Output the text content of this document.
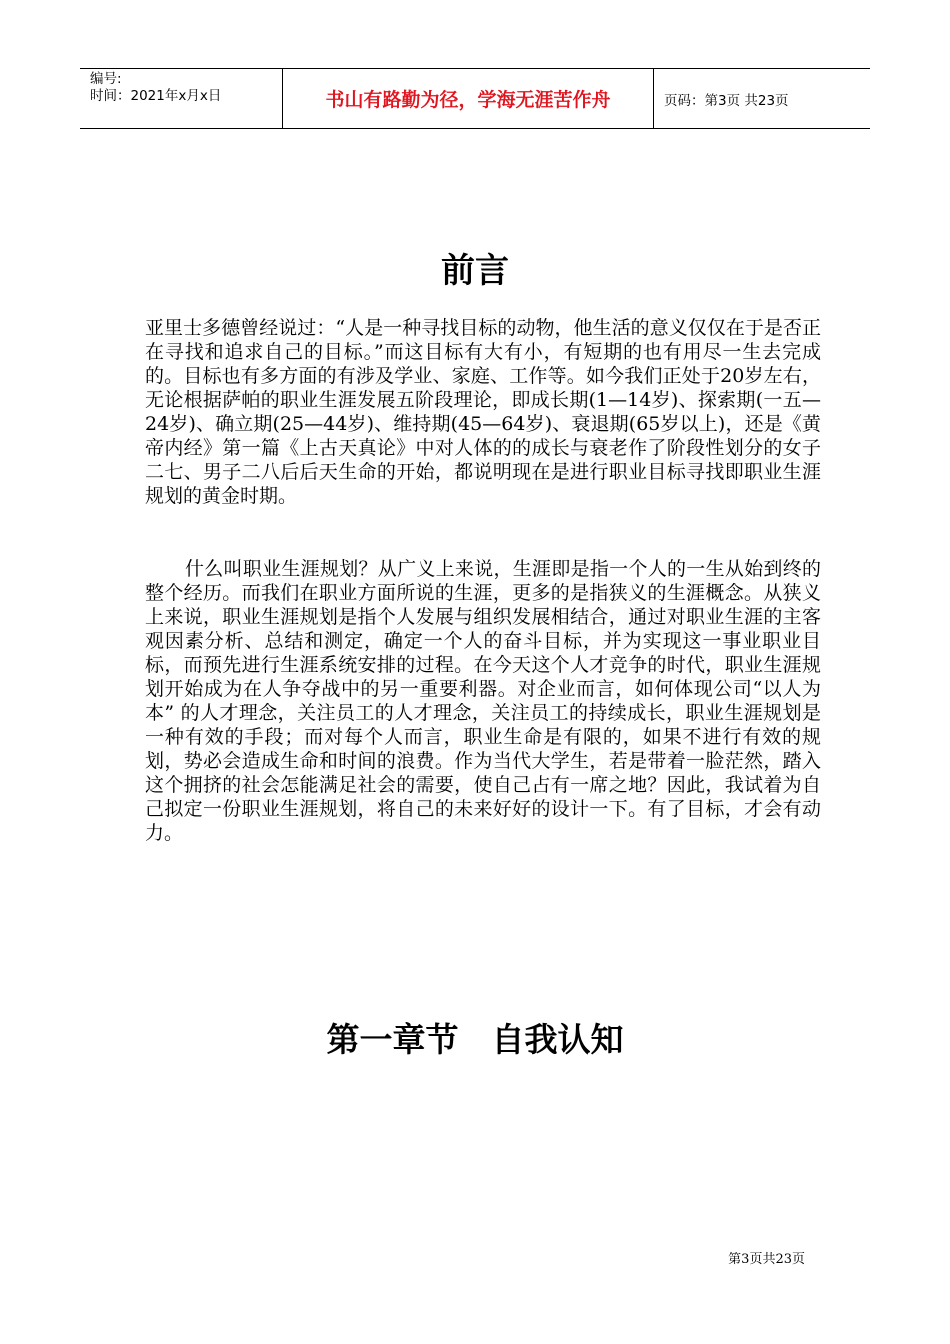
编号:
时间：2021年x月x日	书山有路勤为径，学海无涯苦作舟	页码：第3页 共23页
前言

亚里士多德曾经说过：“人是一种寻找目标的动物，他生活的意义仅仅在于是否正在寻找和追求自己的目标。”而这目标有大有小，有短期的也有用尽一生去完成的。目标也有多方面的有涉及学业、家庭、工作等。如今我们正处于20岁左右，无论根据萨帕的职业生涯发展五阶段理论，即成长期(1—14岁)、探索期(一五—24岁)、确立期(25—44岁)、维持期(45—64岁)、衰退期(65岁以上)，还是《黄帝内经》第一篇《上古天真论》中对人体的的成长与衰老作了阶段性划分的女子二七、男子二八后后天生命的开始，都说明现在是进行职业目标寻找即职业生涯规划的黄金时期。

什么叫职业生涯规划？从广义上来说，生涯即是指一个人的一生从始到终的整个经历。而我们在职业方面所说的生涯，更多的是指狭义的生涯概念。从狭义上来说，职业生涯规划是指个人发展与组织发展相结合，通过对职业生涯的主客观因素分析、总结和测定，确定一个人的奋斗目标，并为实现这一事业职业目标，而预先进行生涯系统安排的过程。在今天这个人才竞争的时代，职业生涯规划开始成为在人争夺战中的另一重要利器。对企业而言，如何体现公司“以人为本” 的人才理念，关注员工的人才理念，关注员工的持续成长，职业生涯规划是一种有效的手段；而对每个人而言，职业生命是有限的，如果不进行有效的规划，势必会造成生命和时间的浪费。作为当代大学生，若是带着一脸茫然，踏入这个拥挤的社会怎能满足社会的需要，使自己占有一席之地？因此，我试着为自己拟定一份职业生涯规划，将自己的未来好好的设计一下。有了目标，才会有动力。

第一章节　自我认知
第3页共23页
